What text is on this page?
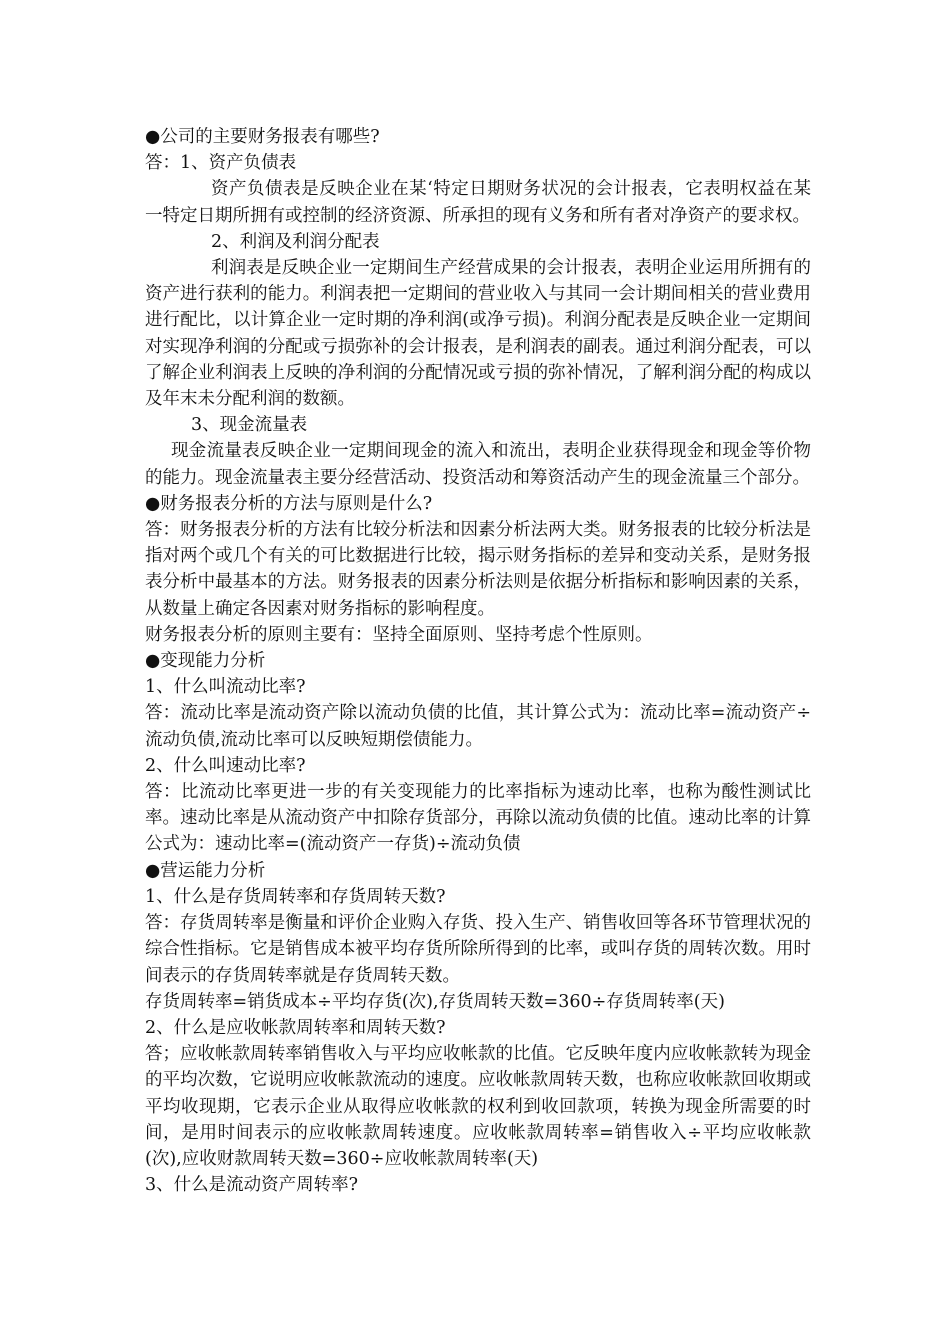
●公司的主要财务报表有哪些?

答：1、资产负债表

资产负债表是反映企业在某‘特定日期财务状况的会计报表，它表明权益在某一特定日期所拥有或控制的经济资源、所承担的现有义务和所有者对净资产的要求权。

2、利润及利润分配表

利润表是反映企业一定期间生产经营成果的会计报表，表明企业运用所拥有的资产进行获利的能力。利润表把一定期间的营业收入与其同一会计期间相关的营业费用进行配比，以计算企业一定时期的净利润(或净亏损)。利润分配表是反映企业一定期间对实现净利润的分配或亏损弥补的会计报表，是利润表的副表。通过利润分配表，可以了解企业利润表上反映的净利润的分配情况或亏损的弥补情况，了解利润分配的构成以及年末未分配利润的数额。

3、现金流量表

现金流量表反映企业一定期间现金的流入和流出，表明企业获得现金和现金等价物的能力。现金流量表主要分经营活动、投资活动和筹资活动产生的现金流量三个部分。

●财务报表分析的方法与原则是什么?

答：财务报表分析的方法有比较分析法和因素分析法两大类。财务报表的比较分析法是指对两个或几个有关的可比数据进行比较，揭示财务指标的差异和变动关系，是财务报表分析中最基本的方法。财务报表的因素分析法则是依据分析指标和影响因素的关系，从数量上确定各因素对财务指标的影响程度。

财务报表分析的原则主要有：坚持全面原则、坚持考虑个性原则。

●变现能力分析

1、什么叫流动比率?

答：流动比率是流动资产除以流动负债的比值，其计算公式为：流动比率=流动资产÷流动负债,流动比率可以反映短期偿债能力。

2、什么叫速动比率?

答：比流动比率更进一步的有关变现能力的比率指标为速动比率，也称为酸性测试比率。速动比率是从流动资产中扣除存货部分，再除以流动负债的比值。速动比率的计算公式为：速动比率=(流动资产一存货)÷流动负债

●营运能力分析

1、什么是存货周转率和存货周转天数?

答：存货周转率是衡量和评价企业购入存货、投入生产、销售收回等各环节管理状况的综合性指标。它是销售成本被平均存货所除所得到的比率，或叫存货的周转次数。用时间表示的存货周转率就是存货周转天数。

存货周转率=销货成本÷平均存货(次),存货周转天数=360÷存货周转率(天)

2、什么是应收帐款周转率和周转天数?

答；应收帐款周转率销售收入与平均应收帐款的比值。它反映年度内应收帐款转为现金的平均次数，它说明应收帐款流动的速度。应收帐款周转天数，也称应收帐款回收期或平均收现期，它表示企业从取得应收帐款的权利到收回款项，转换为现金所需要的时间，是用时间表示的应收帐款周转速度。应收帐款周转率=销售收入÷平均应收帐款(次),应收财款周转天数=360÷应收帐款周转率(天)

3、什么是流动资产周转率?
